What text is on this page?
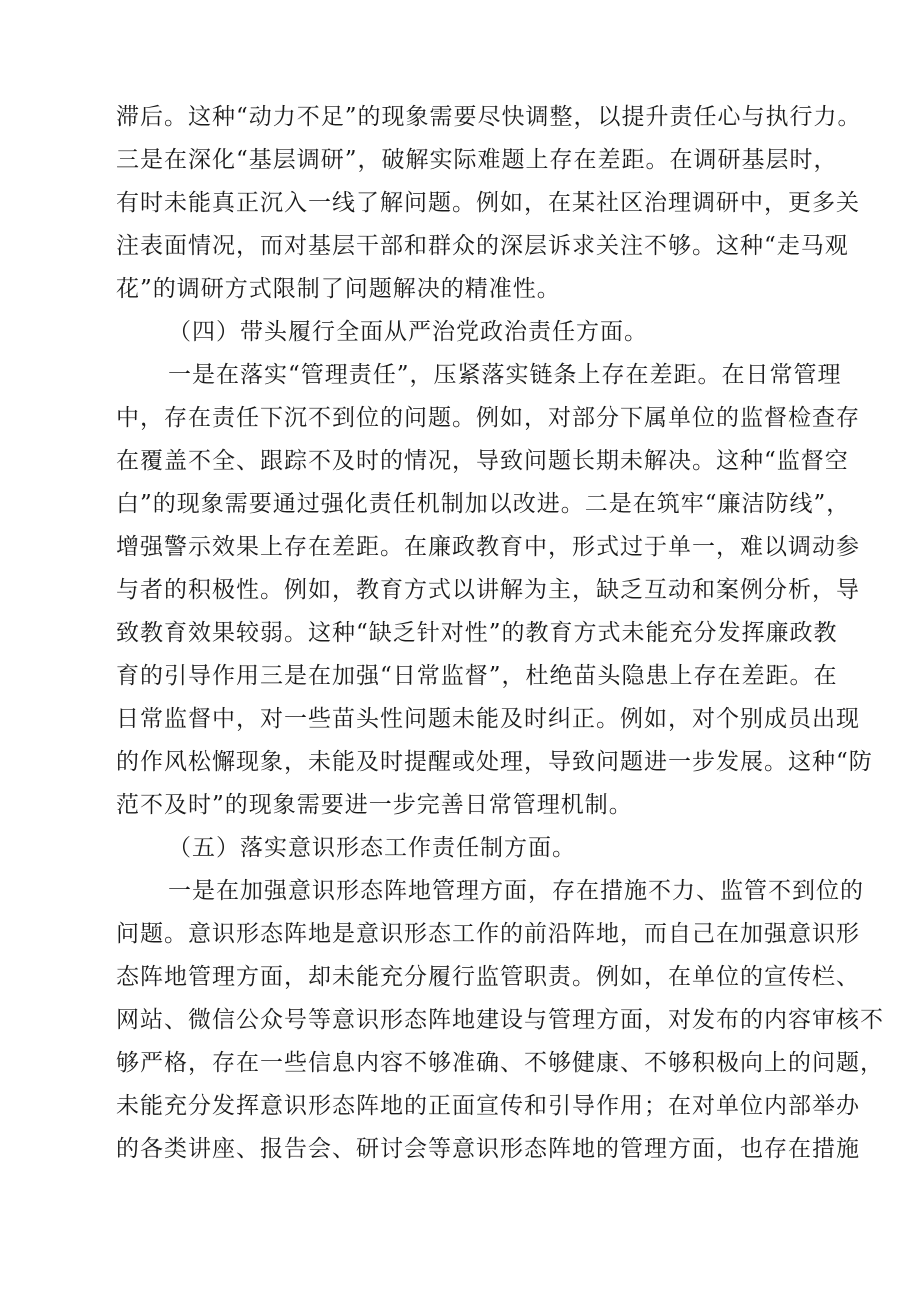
滞后。这种“动力不足”的现象需要尽快调整，以提升责任心与执行力。
三是在深化“基层调研”，破解实际难题上存在差距。在调研基层时，
有时未能真正沉入一线了解问题。例如，在某社区治理调研中，更多关
注表面情况，而对基层干部和群众的深层诉求关注不够。这种“走马观
花”的调研方式限制了问题解决的精准性。
（四）带头履行全面从严治党政治责任方面。
一是在落实“管理责任”，压紧落实链条上存在差距。在日常管理
中，存在责任下沉不到位的问题。例如，对部分下属单位的监督检查存
在覆盖不全、跟踪不及时的情况，导致问题长期未解决。这种“监督空
白”的现象需要通过强化责任机制加以改进。二是在筑牢“廉洁防线”，
增强警示效果上存在差距。在廉政教育中，形式过于单一，难以调动参
与者的积极性。例如，教育方式以讲解为主，缺乏互动和案例分析，导
致教育效果较弱。这种“缺乏针对性”的教育方式未能充分发挥廉政教
育的引导作用三是在加强“日常监督”，杜绝苗头隐患上存在差距。在
日常监督中，对一些苗头性问题未能及时纠正。例如，对个别成员出现
的作风松懈现象，未能及时提醒或处理，导致问题进一步发展。这种“防
范不及时”的现象需要进一步完善日常管理机制。
（五）落实意识形态工作责任制方面。
一是在加强意识形态阵地管理方面，存在措施不力、监管不到位的
问题。意识形态阵地是意识形态工作的前沿阵地，而自己在加强意识形
态阵地管理方面，却未能充分履行监管职责。例如，在单位的宣传栏、
网站、微信公众号等意识形态阵地建设与管理方面，对发布的内容审核不
够严格，存在一些信息内容不够准确、不够健康、不够积极向上的问题，
未能充分发挥意识形态阵地的正面宣传和引导作用；在对单位内部举办
的各类讲座、报告会、研讨会等意识形态阵地的管理方面，也存在措施
